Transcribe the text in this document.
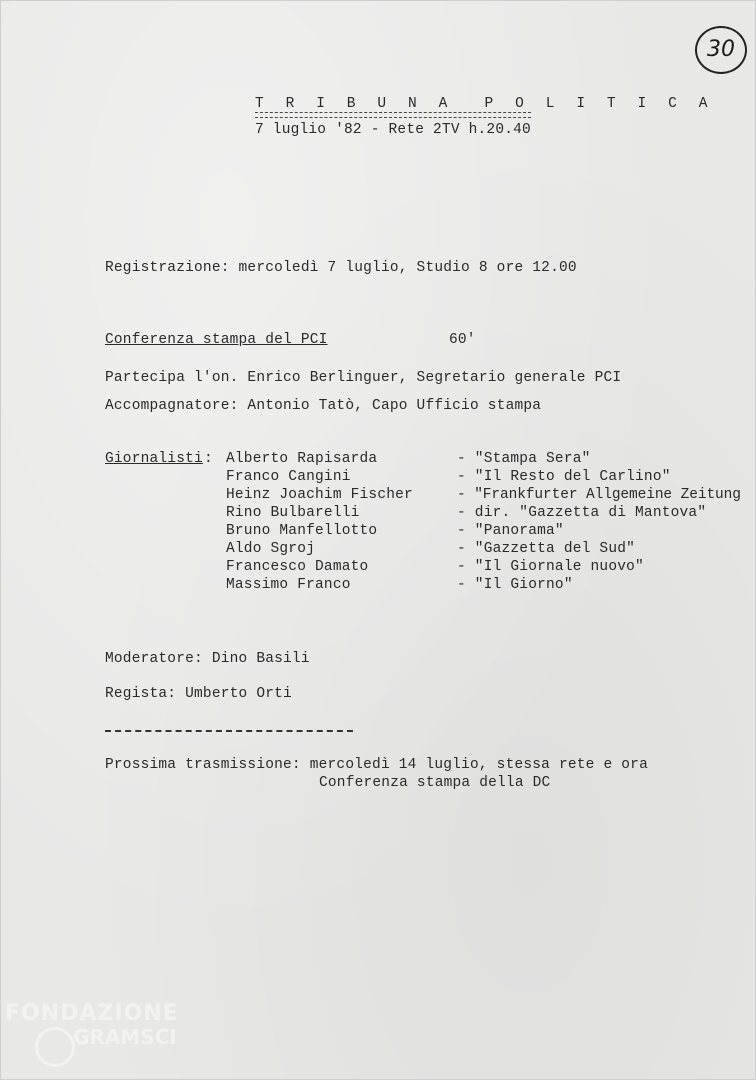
30
T R I B U N A  P O L I T I C A
7 luglio '82 - Rete 2TV h.20.40
Registrazione: mercoledì 7 luglio, Studio 8 ore 12.00
Conferenza stampa del PCI	60'
Partecipa l'on. Enrico Berlinguer, Segretario generale PCI
Accompagnatore: Antonio Tatò, Capo Ufficio stampa
Giornalisti : Alberto Rapisarda	- "Stampa Sera"
Franco Cangini	- "Il Resto del Carlino"
Heinz Joachim Fischer	- "Frankfurter Allgemeine Zeitung
Rino Bulbarelli	- dir. "Gazzetta di Mantova"
Bruno Manfellotto	- "Panorama"
Aldo Sgroj	- "Gazzetta del Sud"
Francesco Damato	- "Il Giornale nuovo"
Massimo Franco	- "Il Giorno"
Moderatore: Dino Basili
Regista: Umberto Orti
Prossima trasmissione: mercoledì 14 luglio, stessa rete e ora
Conferenza stampa della DC
FONDAZIONE
GRAMSCI
